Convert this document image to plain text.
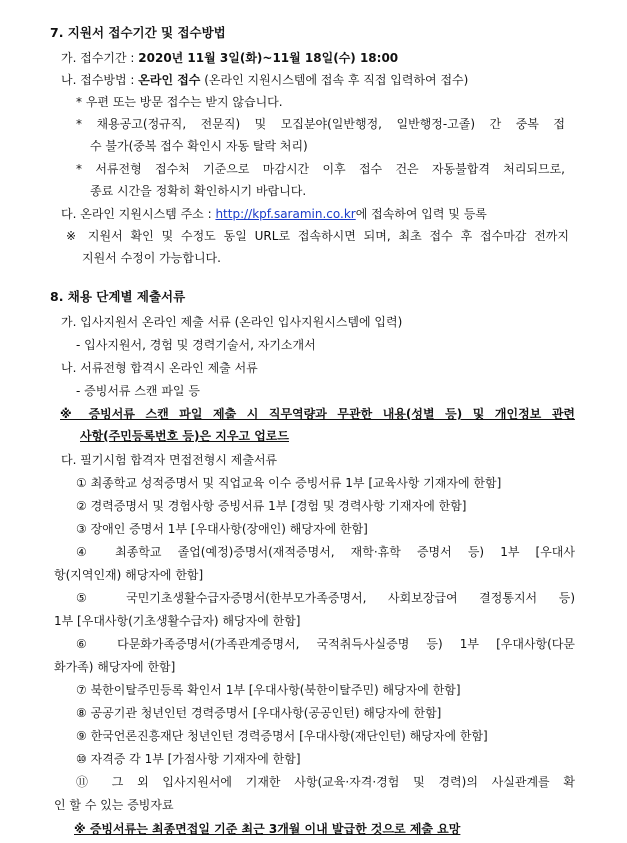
7. 지원서 접수기간 및 접수방법
가. 접수기간 : 2020년 11월 3일(화)~11월 18일(수) 18:00
나. 접수방법 : 온라인 접수 (온라인 지원시스템에 접속 후 직접 입력하여 접수)
* 우편 또는 방문 접수는 받지 않습니다.
* 채용공고(정규직, 전문직) 및 모집분야(일반행정, 일반행정-고졸) 간 중복 접
수 불가(중복 접수 확인시 자동 탈락 처리)
* 서류전형 접수처 기준으로 마감시간 이후 접수 건은 자동불합격 처리되므로,
종료 시간을 정확히 확인하시기 바랍니다.
다. 온라인 지원시스템 주소 : http://kpf.saramin.co.kr에 접속하여 입력 및 등록
※ 지원서 확인 및 수정도 동일 URL로 접속하시면 되며, 최초 접수 후 접수마감 전까지
지원서 수정이 가능합니다.
8. 채용 단계별 제출서류
가. 입사지원서 온라인 제출 서류 (온라인 입사지원시스템에 입력)
- 입사지원서, 경험 및 경력기술서, 자기소개서
나. 서류전형 합격시 온라인 제출 서류
- 증빙서류 스캔 파일 등
※ 증빙서류 스캔 파일 제출 시 직무역량과 무관한 내용(성별 등) 및 개인정보 관련
사항(주민등록번호 등)은 지우고 업로드
다. 필기시험 합격자 면접전형시 제출서류
① 최종학교 성적증명서 및 직업교육 이수 증빙서류 1부 [교육사항 기재자에 한함]
② 경력증명서 및 경험사항 증빙서류 1부 [경험 및 경력사항 기재자에 한함]
③ 장애인 증명서 1부 [우대사항(장애인) 해당자에 한함]
④ 최종학교 졸업(예정)증명서(재적증명서, 재학·휴학 증명서 등) 1부 [우대사
항(지역인재) 해당자에 한함]
⑤ 국민기초생활수급자증명서(한부모가족증명서, 사회보장급여 결정통지서 등)
1부 [우대사항(기초생활수급자) 해당자에 한함]
⑥ 다문화가족증명서(가족관계증명서, 국적취득사실증명 등) 1부 [우대사항(다문
화가족) 해당자에 한함]
⑦ 북한이탈주민등록 확인서 1부 [우대사항(북한이탈주민) 해당자에 한함]
⑧ 공공기관 청년인턴 경력증명서 [우대사항(공공인턴) 해당자에 한함]
⑨ 한국언론진흥재단 청년인턴 경력증명서 [우대사항(재단인턴) 해당자에 한함]
⑩ 자격증 각 1부 [가점사항 기재자에 한함]
⑪ 그 외 입사지원서에 기재한 사항(교육·자격·경험 및 경력)의 사실관계를 확
인 할 수 있는 증빙자료
※ 증빙서류는 최종면접일 기준 최근 3개월 이내 발급한 것으로 제출 요망
